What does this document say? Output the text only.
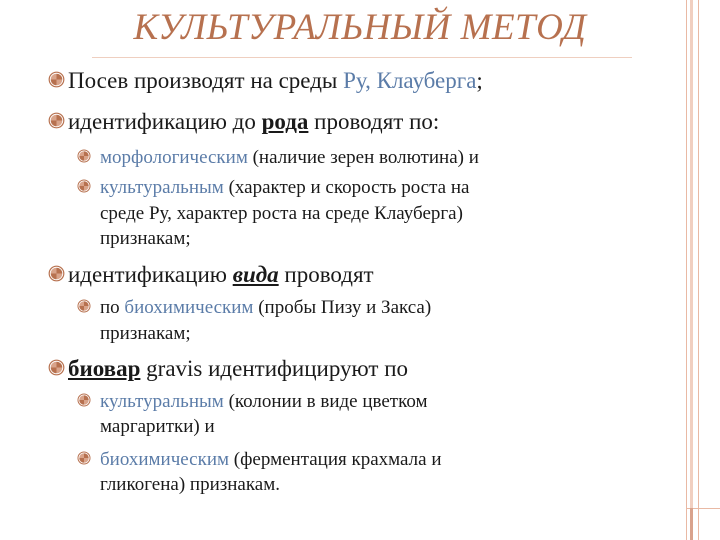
КУЛЬТУРАЛЬНЫЙ МЕТОД
Посев производят на среды Ру, Клауберга;
идентификацию до рода проводят по:
морфологическим (наличие зерен волютина) и
культуральным (характер и скорость роста на
среде Ру, характер роста на среде Клауберга)
признакам;
идентификацию вида проводят
по биохимическим (пробы Пизу и Закса)
признакам;
биовар gravis идентифицируют по
культуральным (колонии в виде цветком
маргаритки) и
биохимическим (ферментация крахмала и
гликогена) признакам.
